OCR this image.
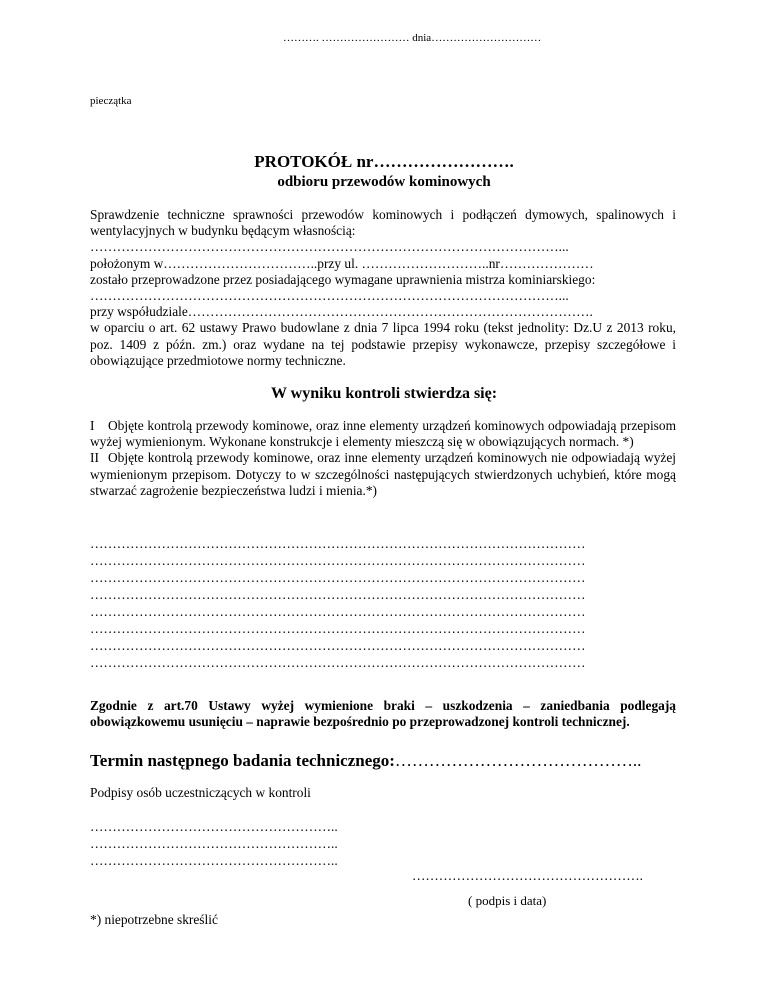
………. …………………… dnia…………………………
pieczątka
PROTOKÓŁ nr…………………….
odbioru przewodów kominowych

Sprawdzenie techniczne sprawności przewodów kominowych i podłączeń dymowych, spalinowych i wentylacyjnych w budynku będącym własnością:

……………………………………………………………………………………………...
położonym w……………………………..przy ul. ………………………..nr…………………

zostało przeprowadzone przez posiadającego wymagane uprawnienia mistrza kominiarskiego:

……………………………………………………………………………………………...
przy współudziale……………………………………………………………………………….

w oparciu o art. 62 ustawy Prawo budowlane z dnia 7 lipca 1994 roku (tekst jednolity: Dz.U z 2013 roku, poz. 1409 z późn. zm.) oraz wydane na tej podstawie przepisy wykonawcze, przepisy szczegółowe i obowiązujące przedmiotowe normy techniczne.

W wyniku kontroli stwierdza się:

I Objęte kontrolą przewody kominowe, oraz inne elementy urządzeń kominowych odpowiadają przepisom wyżej wymienionym. Wykonane konstrukcje i elementy mieszczą się w obowiązujących normach. *)

II Objęte kontrolą przewody kominowe, oraz inne elementy urządzeń kominowych nie odpowiadają wyżej wymienionym przepisom. Dotyczy to w szczególności następujących stwierdzonych uchybień, które mogą stwarzać zagrożenie bezpieczeństwa ludzi i mienia.*)

…………………………………………………………………………………………………
…………………………………………………………………………………………………
…………………………………………………………………………………………………
…………………………………………………………………………………………………
…………………………………………………………………………………………………
…………………………………………………………………………………………………
…………………………………………………………………………………………………
…………………………………………………………………………………………………

Zgodnie z art.70 Ustawy wyżej wymienione braki – uszkodzenia – zaniedbania podlegają obowiązkowemu usunięciu – naprawie bezpośrednio po przeprowadzonej kontroli technicznej.

Termin następnego badania technicznego:……………………………………..
Podpisy osób uczestniczących w kontroli
………………………………………………..
………………………………………………..
………………………………………………..
…………………………………………….
( podpis i data)
*) niepotrzebne skreślić
